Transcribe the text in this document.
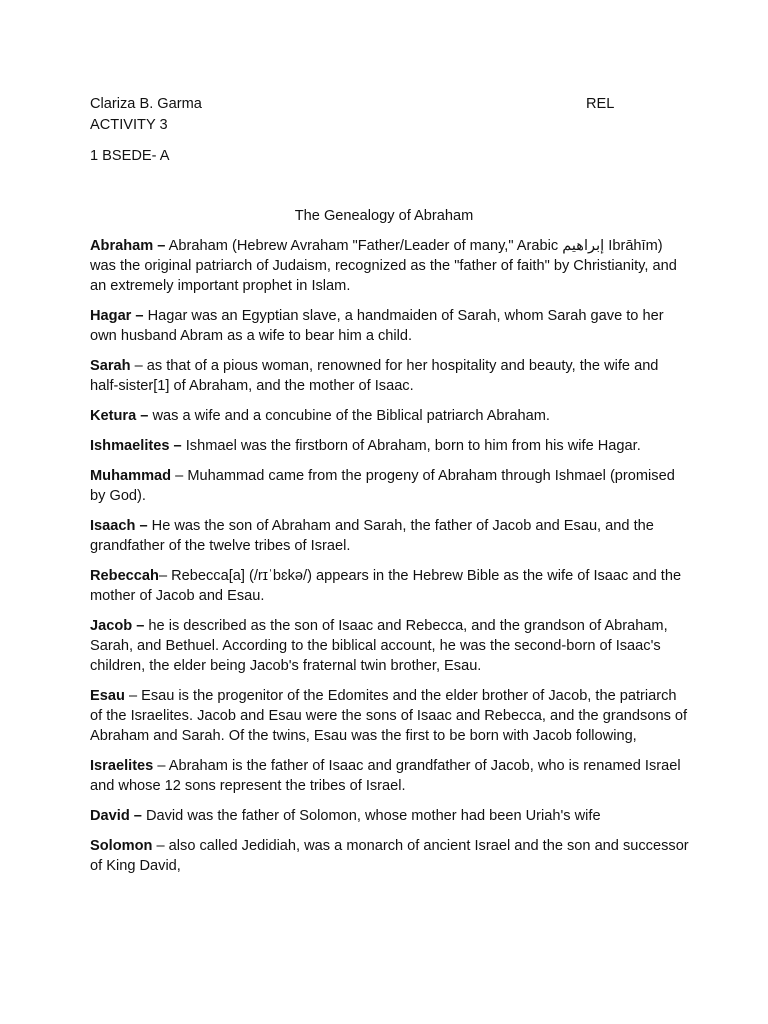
Clariza B. Garma	REL
ACTIVITY 3
1 BSEDE- A
The Genealogy of Abraham

Abraham – Abraham (Hebrew Avraham "Father/Leader of many," Arabic إبراهيم Ibrāhīm) was the original patriarch of Judaism, recognized as the "father of faith" by Christianity, and an extremely important prophet in Islam.

Hagar – Hagar was an Egyptian slave, a handmaiden of Sarah, whom Sarah gave to her own husband Abram as a wife to bear him a child.

Sarah – as that of a pious woman, renowned for her hospitality and beauty, the wife and half-sister[1] of Abraham, and the mother of Isaac.

Ketura – was a wife and a concubine of the Biblical patriarch Abraham.

Ishmaelites – Ishmael was the firstborn of Abraham, born to him from his wife Hagar.

Muhammad – Muhammad came from the progeny of Abraham through Ishmael (promised by God).

Isaach – He was the son of Abraham and Sarah, the father of Jacob and Esau, and the grandfather of the twelve tribes of Israel.

Rebeccah– Rebecca[a] (/rɪˈbɛkə/) appears in the Hebrew Bible as the wife of Isaac and the mother of Jacob and Esau.

Jacob – he is described as the son of Isaac and Rebecca, and the grandson of Abraham, Sarah, and Bethuel. According to the biblical account, he was the second-born of Isaac's children, the elder being Jacob's fraternal twin brother, Esau.

Esau – Esau is the progenitor of the Edomites and the elder brother of Jacob, the patriarch of the Israelites. Jacob and Esau were the sons of Isaac and Rebecca, and the grandsons of Abraham and Sarah. Of the twins, Esau was the first to be born with Jacob following,

Israelites – Abraham is the father of Isaac and grandfather of Jacob, who is renamed Israel and whose 12 sons represent the tribes of Israel.

David – David was the father of Solomon, whose mother had been Uriah's wife

Solomon – also called Jedidiah, was a monarch of ancient Israel and the son and successor of King David,
